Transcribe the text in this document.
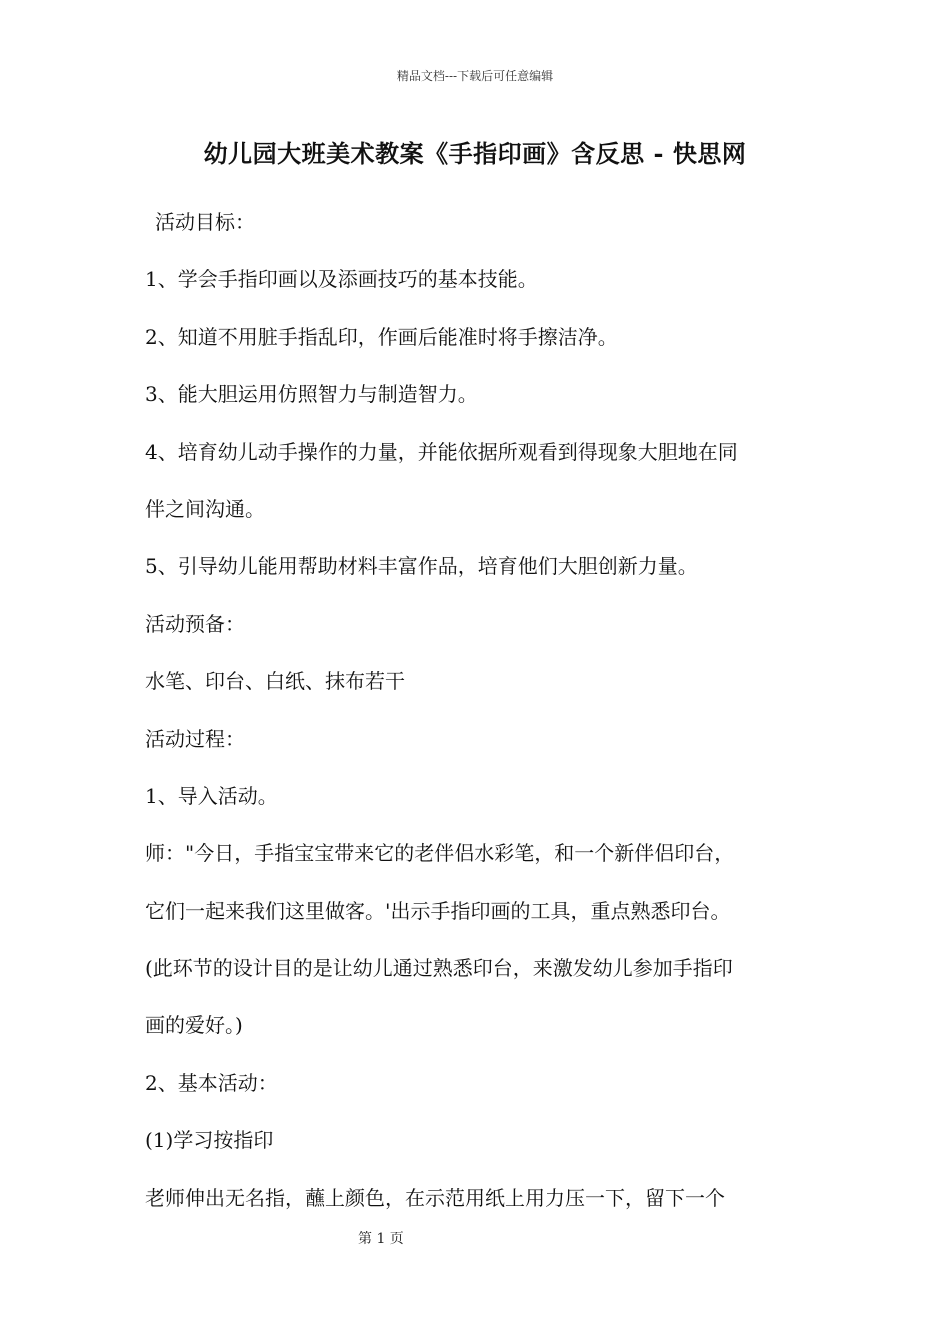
精品文档---下载后可任意编辑
幼儿园大班美术教案《手指印画》含反思 - 快思网
活动目标：
1、学会手指印画以及添画技巧的基本技能。
2、知道不用脏手指乱印，作画后能准时将手擦洁净。
3、能大胆运用仿照智力与制造智力。
4、培育幼儿动手操作的力量，并能依据所观看到得现象大胆地在同
伴之间沟通。
5、引导幼儿能用帮助材料丰富作品，培育他们大胆创新力量。
活动预备：
水笔、印台、白纸、抹布若干
活动过程：
1、导入活动。
师："今日，手指宝宝带来它的老伴侣水彩笔，和一个新伴侣印台，
它们一起来我们这里做客。'出示手指印画的工具，重点熟悉印台。
(此环节的设计目的是让幼儿通过熟悉印台，来激发幼儿参加手指印
画的爱好。)
2、基本活动：
(1)学习按指印
老师伸出无名指，蘸上颜色，在示范用纸上用力压一下，留下一个
第 1 页
